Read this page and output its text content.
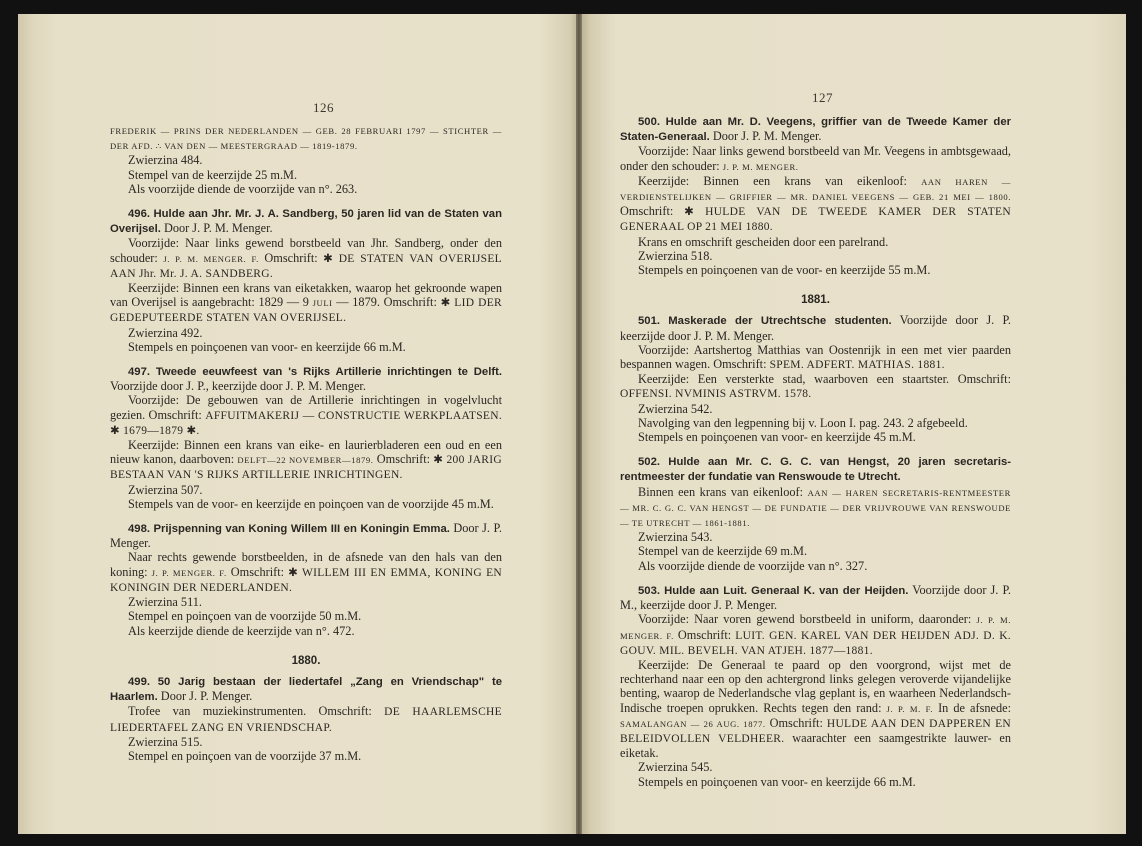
126
127

FREDERIK — PRINS DER NEDERLANDEN — GEB. 28 FEBRUARI 1797 — STICHTER — DER AFD. ∴ VAN DEN — MEESTERGRAAD — 1819-1879.

Zwierzina 484.

Stempel van de keerzijde 25 m.M.

Als voorzijde diende de voorzijde van n°. 263.

496. Hulde aan Jhr. Mr. J. A. Sandberg, 50 jaren lid van de Staten van Overijsel. Door J. P. M. Menger.

Voorzijde: Naar links gewend borstbeeld van Jhr. Sandberg, onder den schouder: J. P. M. MENGER. F. Omschrift: ✱ DE STATEN VAN OVERIJSEL AAN Jhr. Mr. J. A. SANDBERG.

Keerzijde: Binnen een krans van eiketakken, waarop het gekroonde wapen van Overijsel is aangebracht: 1829 — 9 JULI — 1879. Omschrift: ✱ LID DER GEDEPUTEERDE STATEN VAN OVERIJSEL.

Zwierzina 492.

Stempels en poinçoenen van voor- en keerzijde 66 m.M.

497. Tweede eeuwfeest van 's Rijks Artillerie inrichtingen te Delft. Voorzijde door J. P., keerzijde door J. P. M. Menger.

Voorzijde: De gebouwen van de Artillerie inrichtingen in vogelvlucht gezien. Omschrift: AFFUITMAKERIJ — CONSTRUCTIE WERKPLAATSEN. ✱ 1679—1879 ✱.

Keerzijde: Binnen een krans van eike- en laurierbladeren een oud en een nieuw kanon, daarboven: DELFT—22 NOVEMBER—1879. Omschrift: ✱ 200 JARIG BESTAAN VAN 'S RIJKS ARTILLERIE INRICHTINGEN.

Zwierzina 507.

Stempels van de voor- en keerzijde en poinçoen van de voorzijde 45 m.M.

498. Prijspenning van Koning Willem III en Koningin Emma. Door J. P. Menger.

Naar rechts gewende borstbeelden, in de afsnede van den hals van den koning: J. P. MENGER. F. Omschrift: ✱ WILLEM III EN EMMA, KONING EN KONINGIN DER NEDERLANDEN.

Zwierzina 511.

Stempel en poinçoen van de voorzijde 50 m.M.

Als keerzijde diende de keerzijde van n°. 472.

1880.

499. 50 Jarig bestaan der liedertafel „Zang en Vriendschap" te Haarlem. Door J. P. Menger.

Trofee van muziekinstrumenten. Omschrift: DE HAARLEMSCHE LIEDERTAFEL ZANG EN VRIENDSCHAP.

Zwierzina 515.

Stempel en poinçoen van de voorzijde 37 m.M.

500. Hulde aan Mr. D. Veegens, griffier van de Tweede Kamer der Staten-Generaal. Door J. P. M. Menger.

Voorzijde: Naar links gewend borstbeeld van Mr. Veegens in ambtsgewaad, onder den schouder: J. P. M. MENGER.

Keerzijde: Binnen een krans van eikenloof: AAN HAREN — VERDIENSTELIJKEN — GRIFFIER — MR. DANIEL VEEGENS — GEB. 21 MEI — 1800. Omschrift: ✱ HULDE VAN DE TWEEDE KAMER DER STATEN GENERAAL OP 21 MEI 1880.

Krans en omschrift gescheiden door een parelrand.

Zwierzina 518.

Stempels en poinçoenen van de voor- en keerzijde 55 m.M.

1881.

501. Maskerade der Utrechtsche studenten. Voorzijde door J. P. keerzijde door J. P. M. Menger.

Voorzijde: Aartshertog Matthias van Oostenrijk in een met vier paarden bespannen wagen. Omschrift: SPEM. ADFERT. MATHIAS. 1881.

Keerzijde: Een versterkte stad, waarboven een staartster. Omschrift: OFFENSI. NVMINIS ASTRVM. 1578.

Zwierzina 542.

Navolging van den legpenning bij v. Loon I. pag. 243. 2 afgebeeld.

Stempels en poinçoenen van voor- en keerzijde 45 m.M.

502. Hulde aan Mr. C. G. C. van Hengst, 20 jaren secretaris-rentmeester der fundatie van Renswoude te Utrecht.

Binnen een krans van eikenloof: AAN — HAREN SECRETARIS-RENTMEESTER — MR. C. G. C. VAN HENGST — DE FUNDATIE — DER VRIJVROUWE VAN RENSWOUDE — TE UTRECHT — 1861-1881.

Zwierzina 543.

Stempel van de keerzijde 69 m.M.

Als voorzijde diende de voorzijde van n°. 327.

503. Hulde aan Luit. Generaal K. van der Heijden. Voorzijde door J. P. M., keerzijde door J. P. Menger.

Voorzijde: Naar voren gewend borstbeeld in uniform, daaronder: J. P. M. MENGER. F. Omschrift: LUIT. GEN. KAREL VAN DER HEIJDEN ADJ. D. K. GOUV. MIL. BEVELH. VAN ATJEH. 1877—1881.

Keerzijde: De Generaal te paard op den voorgrond, wijst met de rechterhand naar een op den achtergrond links gelegen veroverde vijandelijke benting, waarop de Nederlandsche vlag geplant is, en waarheen Nederlandsch-Indische troepen oprukken. Rechts tegen den rand: J. P. M. F. In de afsnede: SAMALANGAN — 26 AUG. 1877. Omschrift: HULDE AAN DEN DAPPEREN EN BELEIDVOLLEN VELDHEER. waarachter een saamgestrikte lauwer- en eiketak.

Zwierzina 545.

Stempels en poinçoenen van voor- en keerzijde 66 m.M.
